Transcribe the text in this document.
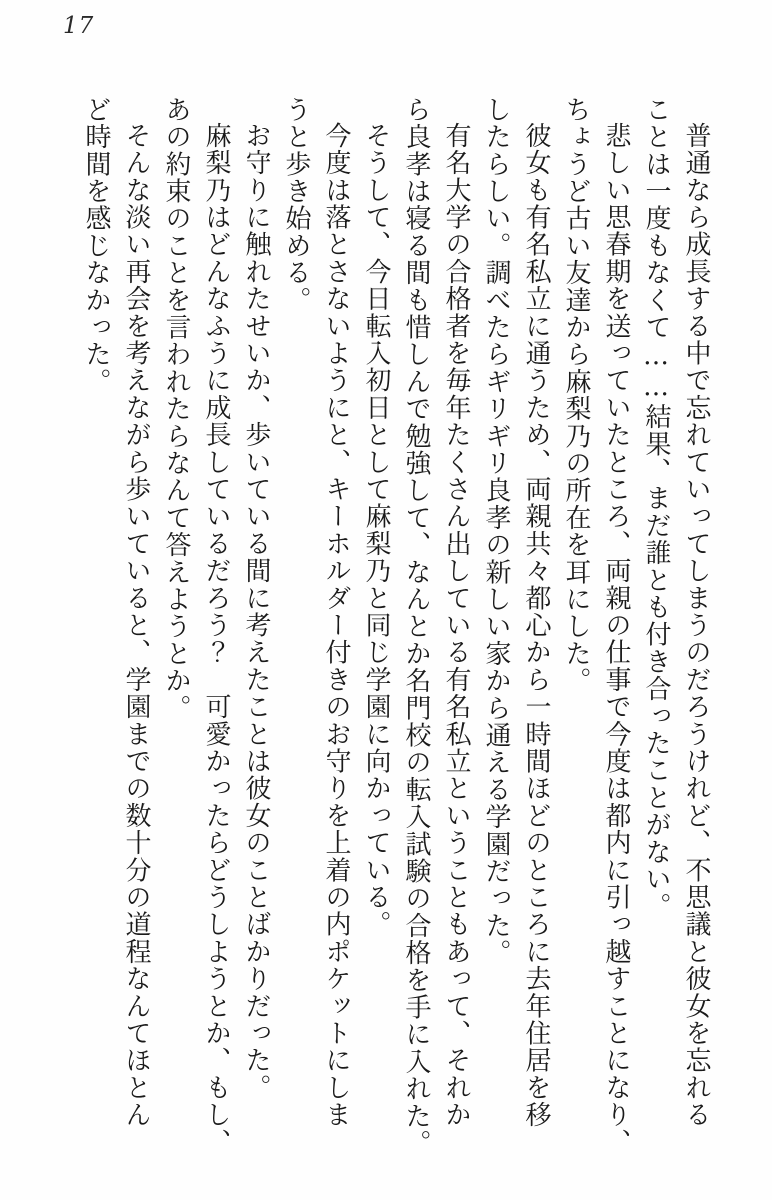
17
普通なら成長する中で忘れていってしまうのだろうけれど、不思議と彼女を忘れる
ことは一度もなくて……結果、まだ誰とも付き合ったことがない。
悲しい思春期を送っていたところ、両親の仕事で今度は都内に引っ越すことになり、
ちょうど古い友達から麻梨乃の所在を耳にした。
彼女も有名私立に通うため、両親共々都心から一時間ほどのところに去年住居を移
したらしい。調べたらギリギリ良孝の新しい家から通える学園だった。
有名大学の合格者を毎年たくさん出している有名私立ということもあって、それか
ら良孝は寝る間も惜しんで勉強して、なんとか名門校の転入試験の合格を手に入れた。
そうして、今日転入初日として麻梨乃と同じ学園に向かっている。
今度は落とさないようにと、キーホルダー付きのお守りを上着の内ポケットにしま
うと歩き始める。
お守りに触れたせいか、歩いている間に考えたことは彼女のことばかりだった。
麻梨乃はどんなふうに成長しているだろう？　可愛かったらどうしようとか、もし、
あの約束のことを言われたらなんて答えようとか。
そんな淡い再会を考えながら歩いていると、学園までの数十分の道程なんてほとん
ど時間を感じなかった。
